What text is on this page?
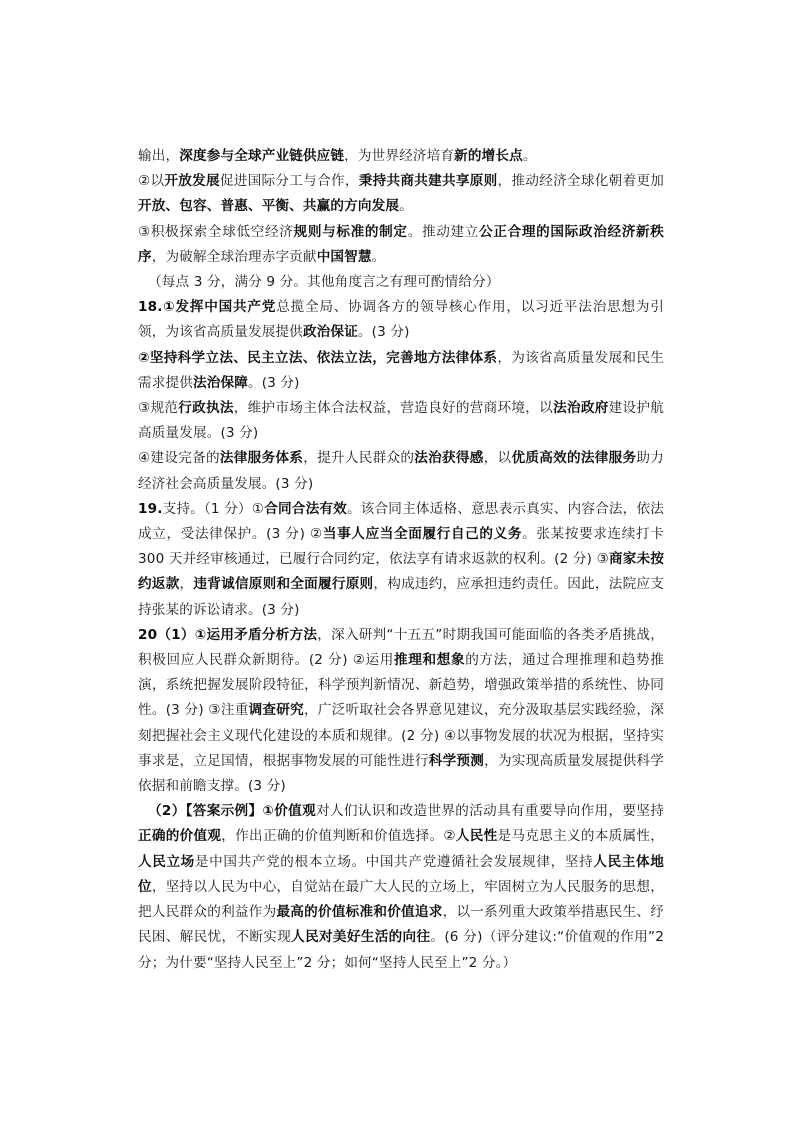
输出，深度参与全球产业链供应链，为世界经济培育新的增长点。

②以开放发展促进国际分工与合作，秉持共商共建共享原则，推动经济全球化朝着更加开放、包容、普惠、平衡、共赢的方向发展。

③积极探索全球低空经济规则与标准的制定。推动建立公正合理的国际政治经济新秩序，为破解全球治理赤字贡献中国智慧。

（每点 3 分，满分 9 分。其他角度言之有理可酌情给分）

18.①发挥中国共产党总揽全局、协调各方的领导核心作用，以习近平法治思想为引领，为该省高质量发展提供政治保证。(3 分)

②坚持科学立法、民主立法、依法立法，完善地方法律体系，为该省高质量发展和民生需求提供法治保障。(3 分)

③规范行政执法，维护市场主体合法权益，营造良好的营商环境，以法治政府建设护航高质量发展。(3 分)

④建设完备的法律服务体系，提升人民群众的法治获得感，以优质高效的法律服务助力经济社会高质量发展。(3 分)

19.支持。（1 分）①合同合法有效。该合同主体适格、意思表示真实、内容合法，依法成立，受法律保护。(3 分) ②当事人应当全面履行自己的义务。张某按要求连续打卡 300 天并经审核通过，已履行合同约定，依法享有请求返款的权利。(2 分) ③商家未按约返款，违背诚信原则和全面履行原则，构成违约，应承担违约责任。因此，法院应支持张某的诉讼请求。(3 分)

20（1）①运用矛盾分析方法，深入研判“十五五”时期我国可能面临的各类矛盾挑战，积极回应人民群众新期待。(2 分) ②运用推理和想象的方法，通过合理推理和趋势推演，系统把握发展阶段特征，科学预判新情况、新趋势，增强政策举措的系统性、协同性。(3 分) ③注重调查研究，广泛听取社会各界意见建议，充分汲取基层实践经验，深刻把握社会主义现代化建设的本质和规律。(2 分) ④以事物发展的状况为根据，坚持实事求是，立足国情，根据事物发展的可能性进行科学预测，为实现高质量发展提供科学依据和前瞻支撑。(3 分)

（2）【答案示例】①价值观对人们认识和改造世界的活动具有重要导向作用，要坚持正确的价值观，作出正确的价值判断和价值选择。②人民性是马克思主义的本质属性，人民立场是中国共产党的根本立场。中国共产党遵循社会发展规律，坚持人民主体地位，坚持以人民为中心，自觉站在最广大人民的立场上，牢固树立为人民服务的思想，把人民群众的利益作为最高的价值标准和价值追求，以一系列重大政策举措惠民生、纾民困、解民忧，不断实现人民对美好生活的向往。(6 分)（评分建议:“价值观的作用”2 分；为什要“坚持人民至上”2 分；如何“坚持人民至上”2 分。）
